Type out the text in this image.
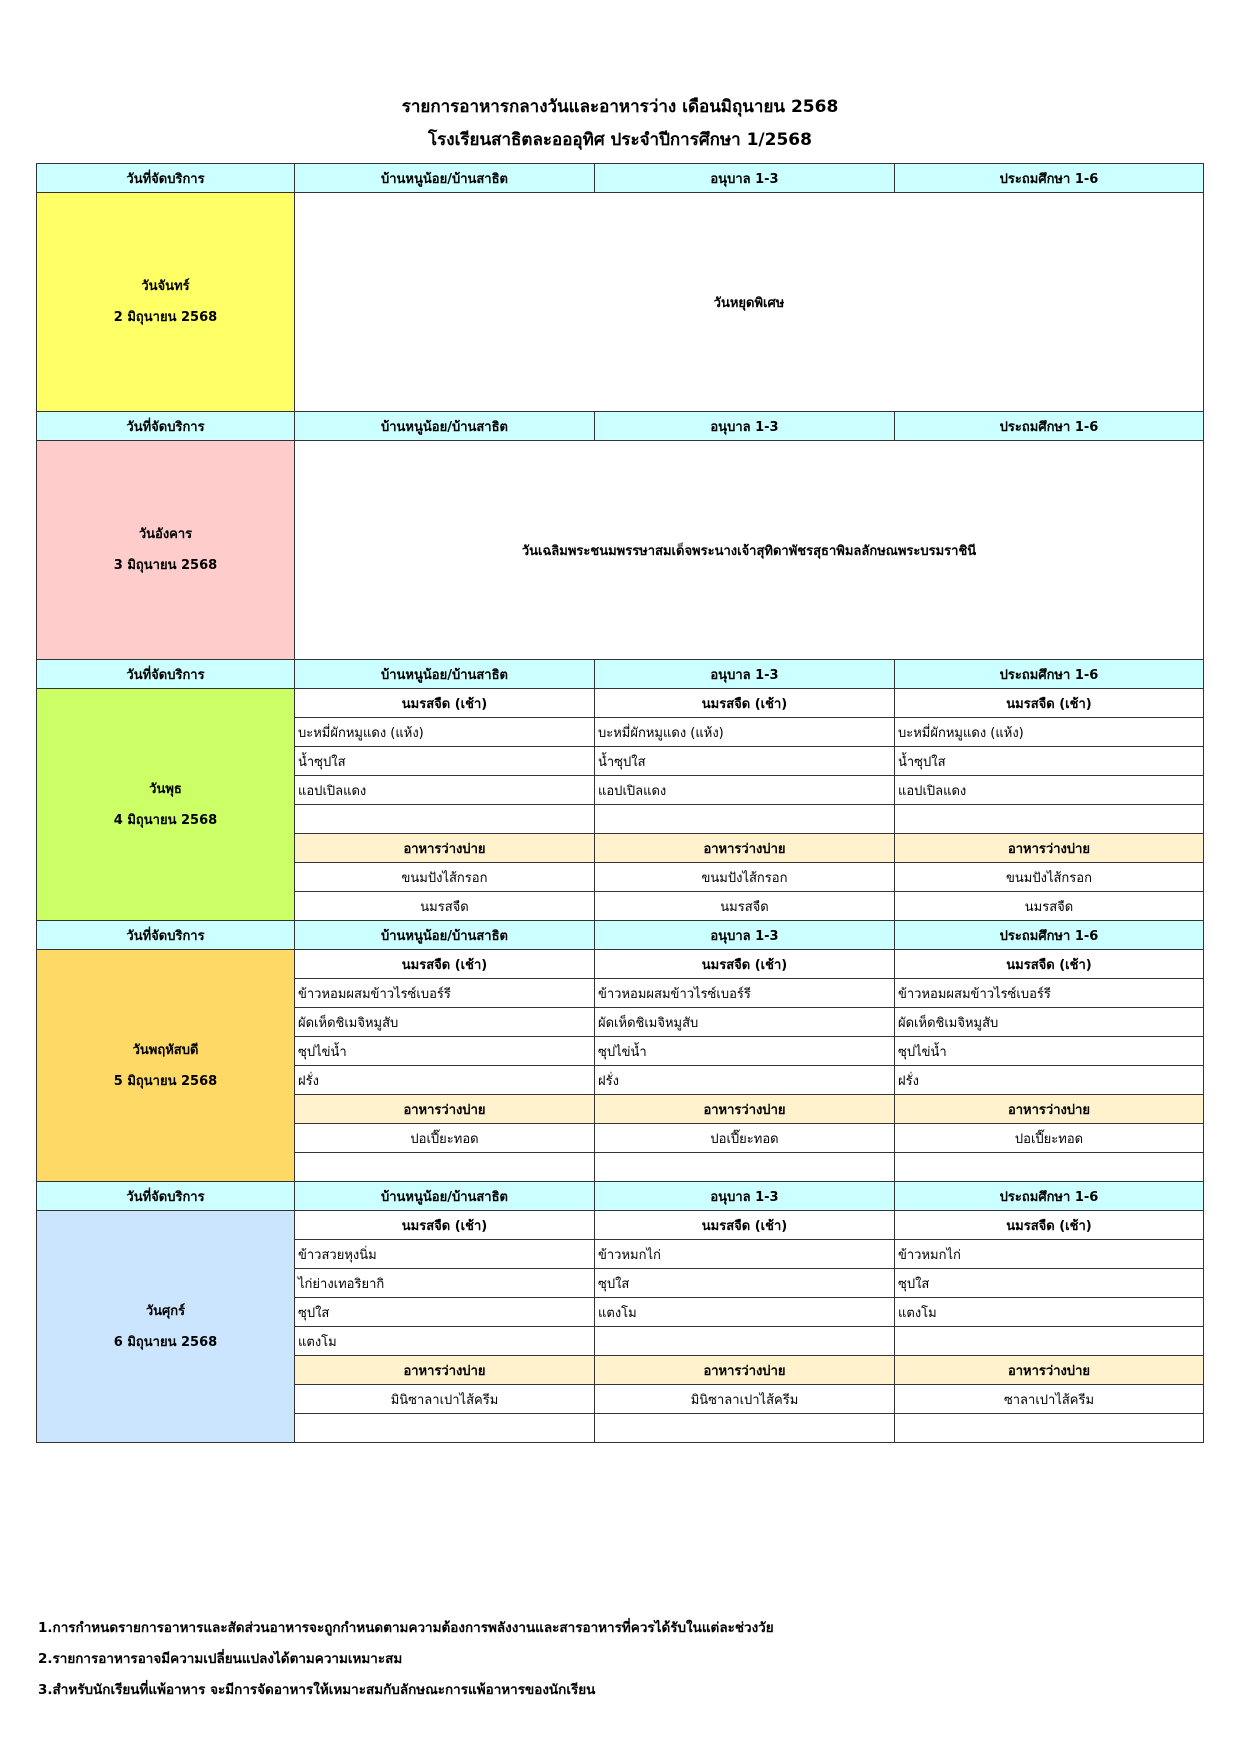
รายการอาหารกลางวันและอาหารว่าง เดือนมิถุนายน 2568
โรงเรียนสาธิตละอออุทิศ ประจำปีการศึกษา 1/2568
วันที่จัดบริการ	บ้านหนูน้อย/บ้านสาธิต	อนุบาล 1-3	ประถมศึกษา 1-6

วันจันทร์
2 มิถุนายน 2568	วันหยุดพิเศษ		
วันที่จัดบริการ	บ้านหนูน้อย/บ้านสาธิต	อนุบาล 1-3	ประถมศึกษา 1-6

วันอังคาร
3 มิถุนายน 2568	วันเฉลิมพระชนมพรรษาสมเด็จพระนางเจ้าสุทิดาพัชรสุธาพิมลลักษณพระบรมราชินี		
วันที่จัดบริการ	บ้านหนูน้อย/บ้านสาธิต	อนุบาล 1-3	ประถมศึกษา 1-6

วันพุธ
4 มิถุนายน 2568	นมรสจืด (เช้า)	นมรสจืด (เช้า)	นมรสจืด (เช้า)
	บะหมี่ผักหมูแดง (แห้ง)	บะหมี่ผักหมูแดง (แห้ง)	บะหมี่ผักหมูแดง (แห้ง)
	น้ำซุปใส	น้ำซุปใส	น้ำซุปใส
	แอปเปิลแดง	แอปเปิลแดง	แอปเปิลแดง

	อาหารว่างบ่าย	อาหารว่างบ่าย	อาหารว่างบ่าย
	ขนมปังไส้กรอก	ขนมปังไส้กรอก	ขนมปังไส้กรอก
	นมรสจืด	นมรสจืด	นมรสจืด
วันที่จัดบริการ	บ้านหนูน้อย/บ้านสาธิต	อนุบาล 1-3	ประถมศึกษา 1-6

วันพฤหัสบดี
5 มิถุนายน 2568	นมรสจืด (เช้า)	นมรสจืด (เช้า)	นมรสจืด (เช้า)
	ข้าวหอมผสมข้าวไรซ์เบอร์รี	ข้าวหอมผสมข้าวไรซ์เบอร์รี	ข้าวหอมผสมข้าวไรซ์เบอร์รี
	ผัดเห็ดชิเมจิหมูสับ	ผัดเห็ดชิเมจิหมูสับ	ผัดเห็ดชิเมจิหมูสับ
	ซุปไข่น้ำ	ซุปไข่น้ำ	ซุปไข่น้ำ
	ฝรั่ง	ฝรั่ง	ฝรั่ง
	อาหารว่างบ่าย	อาหารว่างบ่าย	อาหารว่างบ่าย
	ปอเปี๊ยะทอด	ปอเปี๊ยะทอด	ปอเปี๊ยะทอด

วันที่จัดบริการ	บ้านหนูน้อย/บ้านสาธิต	อนุบาล 1-3	ประถมศึกษา 1-6

วันศุกร์
6 มิถุนายน 2568	นมรสจืด (เช้า)	นมรสจืด (เช้า)	นมรสจืด (เช้า)
	ข้าวสวยหุงนิ่ม	ข้าวหมกไก่	ข้าวหมกไก่
	ไก่ย่างเทอริยากิ	ซุปใส	ซุปใส
	ซุปใส	แตงโม	แตงโม
	แตงโม		
	อาหารว่างบ่าย	อาหารว่างบ่าย	อาหารว่างบ่าย
	มินิซาลาเปาไส้ครีม	มินิซาลาเปาไส้ครีม	ซาลาเปาไส้ครีม

1.การกำหนดรายการอาหารและสัดส่วนอาหารจะถูกกำหนดตามความต้องการพลังงานและสารอาหารที่ควรได้รับในแต่ละช่วงวัย
2.รายการอาหารอาจมีความเปลี่ยนแปลงได้ตามความเหมาะสม
3.สำหรับนักเรียนที่แพ้อาหาร จะมีการจัดอาหารให้เหมาะสมกับลักษณะการแพ้อาหารของนักเรียน
